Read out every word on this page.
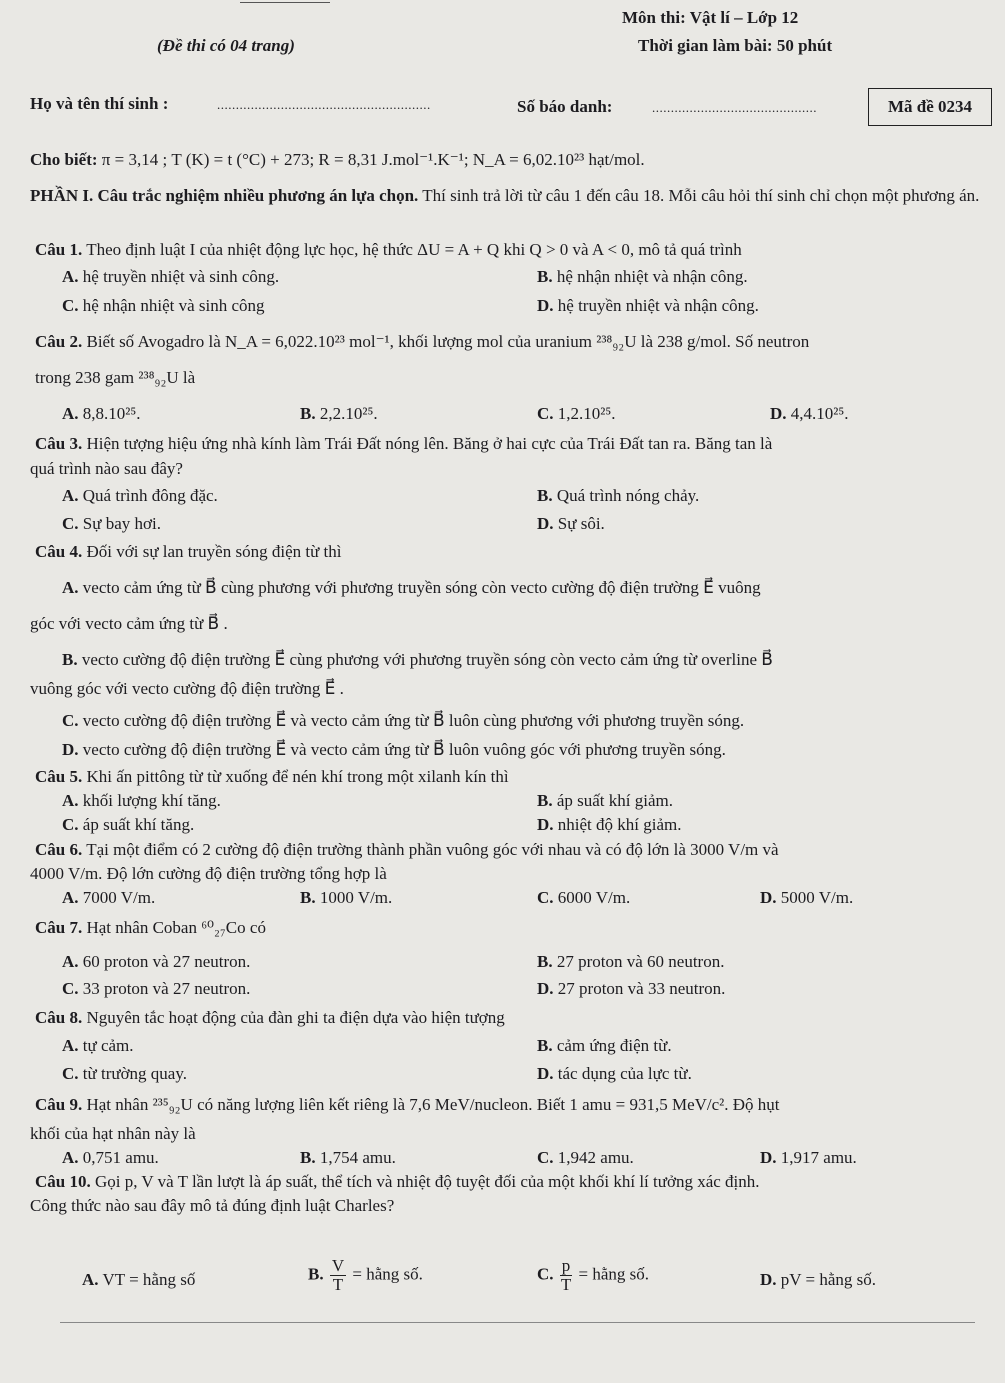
Môn thi: Vật lí – Lớp 12
(Đề thi có 04 trang)	Thời gian làm bài: 50 phút
Họ và tên thí sinh :	.........................................................	Số báo danh:	............................................	Mã đề 0234
Cho biết: π = 3,14 ; T (K) = t (°C) + 273; R = 8,31 J.mol⁻¹.K⁻¹; N_A = 6,02.10²³ hạt/mol.
PHẦN I. Câu trắc nghiệm nhiều phương án lựa chọn. Thí sinh trả lời từ câu 1 đến câu 18. Mỗi câu hỏi thí sinh chỉ chọn một phương án.
Câu 1. Theo định luật I của nhiệt động lực học, hệ thức ΔU = A + Q khi Q > 0 và A < 0, mô tả quá trình
A. hệ truyền nhiệt và sinh công.	B. hệ nhận nhiệt và nhận công.
C. hệ nhận nhiệt và sinh công	D. hệ truyền nhiệt và nhận công.
Câu 2. Biết số Avogadro là N_A = 6,022.10²³ mol⁻¹, khối lượng mol của uranium ²³⁸₉₂U là 238 g/mol. Số neutron
trong 238 gam ²³⁸₉₂U là
A. 8,8.10²⁵.	B. 2,2.10²⁵.	C. 1,2.10²⁵.	D. 4,4.10²⁵.
Câu 3. Hiện tượng hiệu ứng nhà kính làm Trái Đất nóng lên. Băng ở hai cực của Trái Đất tan ra. Băng tan là
quá trình nào sau đây?
A. Quá trình đông đặc.	B. Quá trình nóng chảy.
C. Sự bay hơi.	D. Sự sôi.
Câu 4. Đối với sự lan truyền sóng điện từ thì
A. vecto cảm ứng từ B⃗ cùng phương với phương truyền sóng còn vecto cường độ điện trường E⃗ vuông
góc với vecto cảm ứng từ B⃗ .
B. vecto cường độ điện trường E⃗ cùng phương với phương truyền sóng còn vecto cảm ứng từ overline B⃗
vuông góc với vecto cường độ điện trường E⃗ .
C. vecto cường độ điện trường E⃗ và vecto cảm ứng từ B⃗ luôn cùng phương với phương truyền sóng.
D. vecto cường độ điện trường E⃗ và vecto cảm ứng từ B⃗ luôn vuông góc với phương truyền sóng.
Câu 5. Khi ấn pittông từ từ xuống để nén khí trong một xilanh kín thì
A. khối lượng khí tăng.	B. áp suất khí giảm.
C. áp suất khí tăng.	D. nhiệt độ khí giảm.
Câu 6. Tại một điểm có 2 cường độ điện trường thành phần vuông góc với nhau và có độ lớn là 3000 V/m và
4000 V/m. Độ lớn cường độ điện trường tổng hợp là
A. 7000 V/m.	B. 1000 V/m.	C. 6000 V/m.	D. 5000 V/m.
Câu 7. Hạt nhân Coban ⁶⁰₂₇Co có
A. 60 proton và 27 neutron.	B. 27 proton và 60 neutron.
C. 33 proton và 27 neutron.	D. 27 proton và 33 neutron.
Câu 8. Nguyên tắc hoạt động của đàn ghi ta điện dựa vào hiện tượng
A. tự cảm.	B. cảm ứng điện từ.
C. từ trường quay.	D. tác dụng của lực từ.
Câu 9. Hạt nhân ²³⁵₉₂U có năng lượng liên kết riêng là 7,6 MeV/nucleon. Biết 1 amu = 931,5 MeV/c². Độ hụt
khối của hạt nhân này là
A. 0,751 amu.	B. 1,754 amu.	C. 1,942 amu.	D. 1,917 amu.
Câu 10. Gọi p, V và T lần lượt là áp suất, thể tích và nhiệt độ tuyệt đối của một khối khí lí tưởng xác định.
Công thức nào sau đây mô tả đúng định luật Charles?
A. VT = hằng số	B. $\frac{V}{T}$ = hằng số.	C. $\frac{p}{T}$ = hằng số.	D. pV = hằng số.
